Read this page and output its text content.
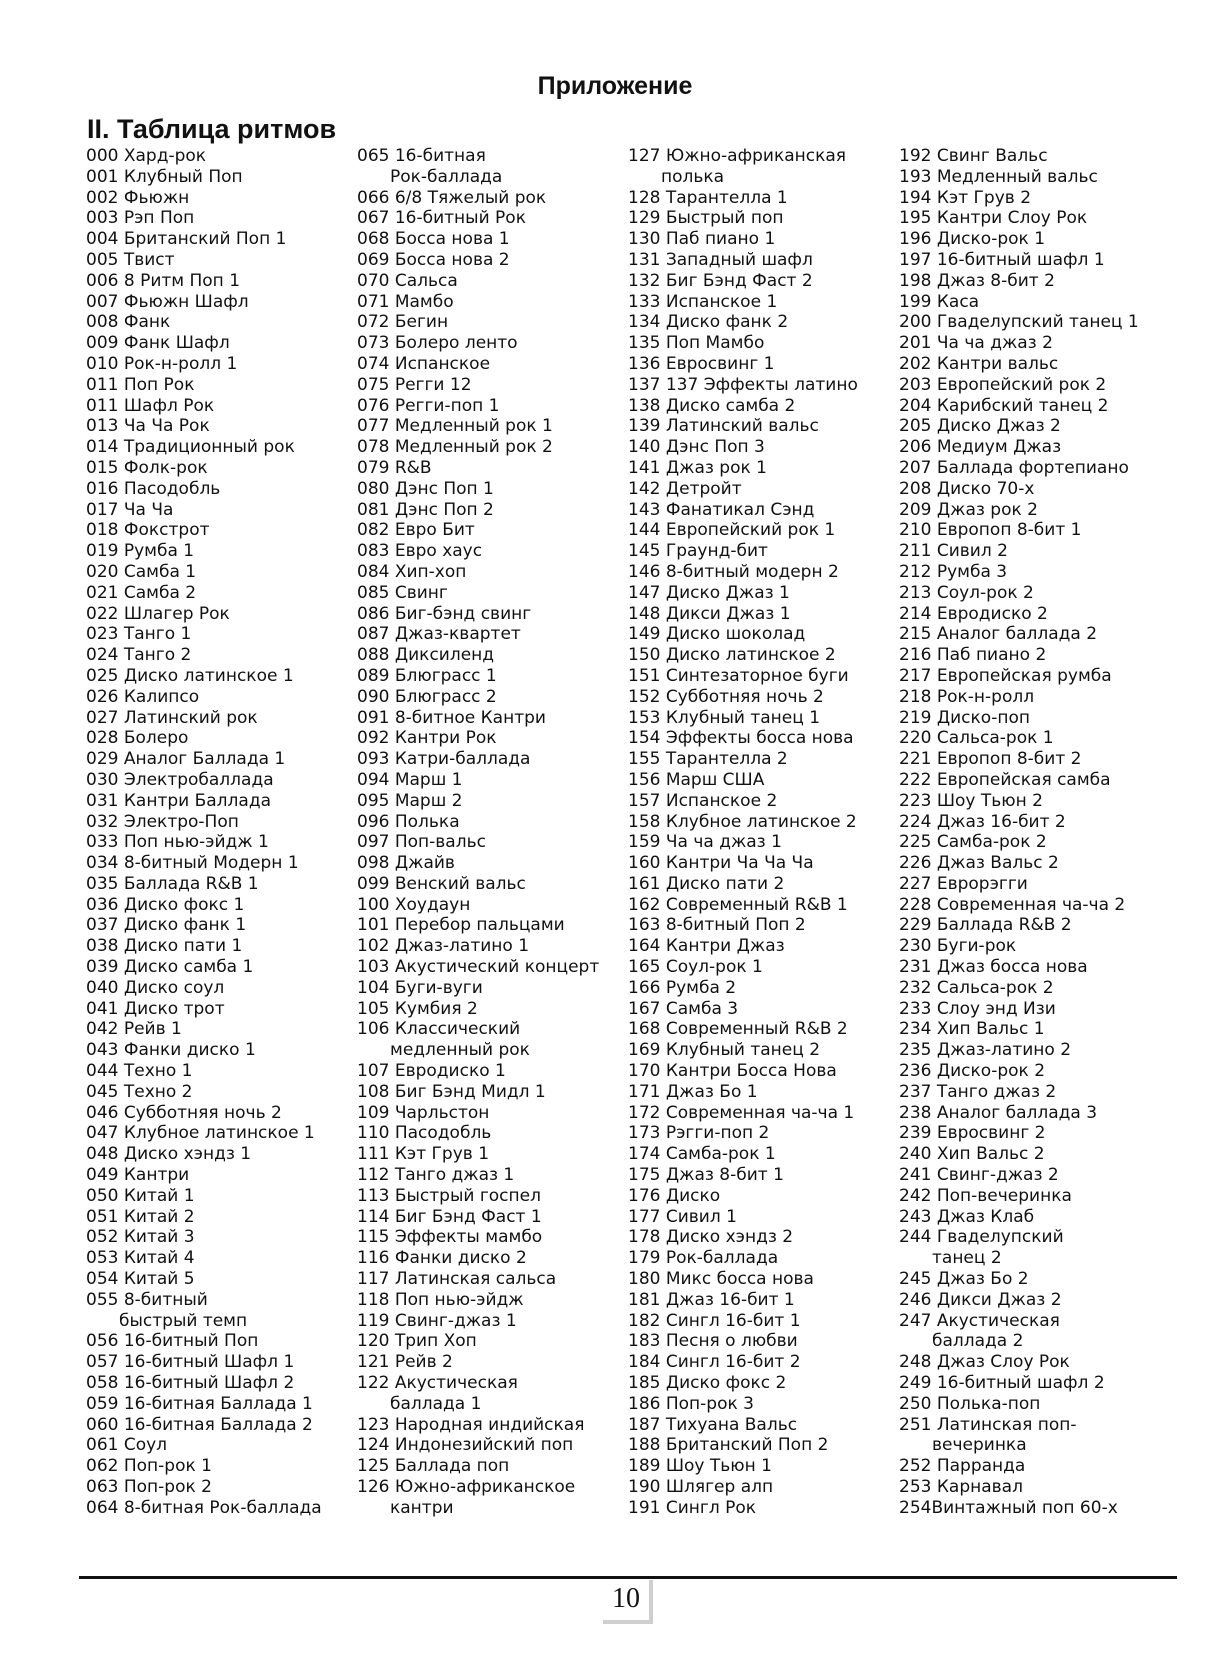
Приложение
II. Таблица ритмов
000 Хард-рок
001 Клубный Поп
002 Фьюжн
003 Рэп Поп
004 Британский Поп 1
005 Твист
006 8 Ритм Поп 1
007 Фьюжн Шафл
008 Фанк
009 Фанк Шафл
010 Рок-н-ролл 1
011 Поп Рок
011 Шафл Рок
013 Ча Ча Рок
014 Традиционный рок
015 Фолк-рок
016 Пасодобль
017 Ча Ча
018 Фокстрот
019 Румба 1
020 Самба 1
021 Самба 2
022 Шлагер Рок
023 Танго 1
024 Танго 2
025 Диско латинское 1
026 Калипсо
027 Латинский рок
028 Болеро
029 Аналог Баллада 1
030 Электробаллада
031 Кантри Баллада
032 Электро-Поп
033 Поп нью-эйдж 1
034 8-битный Модерн 1
035 Баллада R&B 1
036 Диско фокс 1
037 Диско фанк 1
038 Диско пати 1
039 Диско самба 1
040 Диско соул
041 Диско трот
042 Рейв 1
043 Фанки диско 1
044 Техно 1
045 Техно 2
046 Субботняя ночь 2
047 Клубное латинское 1
048 Диско хэндз 1
049 Кантри
050 Китай 1
051 Китай 2
052 Китай 3
053 Китай 4
054 Китай 5
055 8-битный
быстрый темп
056 16-битный Поп
057 16-битный Шафл 1
058 16-битный Шафл 2
059 16-битная Баллада 1
060 16-битная Баллада 2
061 Соул
062 Поп-рок 1
063 Поп-рок 2
064 8-битная Рок-баллада
065 16-битная
Рок-баллада
066 6/8 Тяжелый рок
067 16-битный Рок
068 Босса нова 1
069 Босса нова 2
070 Сальса
071 Мамбо
072 Бегин
073 Болеро ленто
074 Испанское
075 Регги 12
076 Регги-поп 1
077 Медленный рок 1
078 Медленный рок 2
079 R&B
080 Дэнс Поп 1
081 Дэнс Поп 2
082 Евро Бит
083 Евро хаус
084 Хип-хоп
085 Свинг
086 Биг-бэнд свинг
087 Джаз-квартет
088 Диксиленд
089 Блюграсс 1
090 Блюграсс 2
091 8-битное Кантри
092 Кантри Рок
093 Катри-баллада
094 Марш 1
095 Марш 2
096 Полька
097 Поп-вальс
098 Джайв
099 Венский вальс
100 Хоудаун
101 Перебор пальцами
102 Джаз-латино 1
103 Акустический концерт
104 Буги-вуги
105 Кумбия 2
106 Классический
медленный рок
107 Евродиско 1
108 Биг Бэнд Мидл 1
109 Чарльстон
110 Пасодобль
111 Кэт Грув 1
112 Танго джаз 1
113 Быстрый госпел
114 Биг Бэнд Фаст 1
115 Эффекты мамбо
116 Фанки диско 2
117 Латинская сальса
118 Поп нью-эйдж
119 Свинг-джаз 1
120 Трип Хоп
121 Рейв 2
122 Акустическая
баллада 1
123 Народная индийская
124 Индонезийский поп
125 Баллада поп
126 Южно-африканское
кантри
127 Южно-африканская
полька
128 Тарантелла 1
129 Быстрый поп
130 Паб пиано 1
131 Западный шафл
132 Биг Бэнд Фаст 2
133 Испанское 1
134 Диско фанк 2
135 Поп Мамбо
136 Евросвинг 1
137 137 Эффекты латино
138 Диско самба 2
139 Латинский вальс
140 Дэнс Поп 3
141 Джаз рок 1
142 Детройт
143 Фанатикал Сэнд
144 Европейский рок 1
145 Граунд-бит
146 8-битный модерн 2
147 Диско Джаз 1
148 Дикси Джаз 1
149 Диско шоколад
150 Диско латинское 2
151 Синтезаторное буги
152 Субботняя ночь 2
153 Клубный танец 1
154 Эффекты босса нова
155 Тарантелла 2
156 Марш США
157 Испанское 2
158 Клубное латинское 2
159 Ча ча джаз 1
160 Кантри Ча Ча Ча
161 Диско пати 2
162 Современный R&B 1
163 8-битный Поп 2
164 Кантри Джаз
165 Соул-рок 1
166 Румба 2
167 Самба 3
168 Современный R&B 2
169 Клубный танец 2
170 Кантри Босса Нова
171 Джаз Бо 1
172 Современная ча-ча 1
173 Рэгги-поп 2
174 Самба-рок 1
175 Джаз 8-бит 1
176 Диско
177 Сивил 1
178 Диско хэндз 2
179 Рок-баллада
180 Микс босса нова
181 Джаз 16-бит 1
182 Сингл 16-бит 1
183 Песня о любви
184 Сингл 16-бит 2
185 Диско фокс 2
186 Поп-рок 3
187 Тихуана Вальс
188 Британский Поп 2
189 Шоу Тьюн 1
190 Шлягер алп
191 Сингл Рок
192 Свинг Вальс
193 Медленный вальс
194 Кэт Грув 2
195 Кантри Слоу Рок
196 Диско-рок 1
197 16-битный шафл 1
198 Джаз 8-бит 2
199 Каса
200 Гваделупский танец 1
201 Ча ча джаз 2
202 Кантри вальс
203 Европейский рок 2
204 Карибский танец 2
205 Диско Джаз 2
206 Медиум Джаз
207 Баллада фортепиано
208 Диско 70-х
209 Джаз рок 2
210 Европоп 8-бит 1
211 Сивил 2
212 Румба 3
213 Соул-рок 2
214 Евродиско 2
215 Аналог баллада 2
216 Паб пиано 2
217 Европейская румба
218 Рок-н-ролл
219 Диско-поп
220 Сальса-рок 1
221 Европоп 8-бит 2
222 Европейская самба
223 Шоу Тьюн 2
224 Джаз 16-бит 2
225 Самба-рок 2
226 Джаз Вальс 2
227 Еврорэгги
228 Современная ча-ча 2
229 Баллада R&B 2
230 Буги-рок
231 Джаз босса нова
232 Сальса-рок 2
233 Слоу энд Изи
234 Хип Вальс 1
235 Джаз-латино 2
236 Диско-рок 2
237 Танго джаз 2
238 Аналог баллада 3
239 Евросвинг 2
240 Хип Вальс 2
241 Свинг-джаз 2
242 Поп-вечеринка
243 Джаз Клаб
244 Гваделупский
танец 2
245 Джаз Бо 2
246 Дикси Джаз 2
247 Акустическая
баллада 2
248 Джаз Слоу Рок
249 16-битный шафл 2
250 Полька-поп
251 Латинская поп-
вечеринка
252 Парранда
253 Карнавал
254Винтажный поп 60-х
10
